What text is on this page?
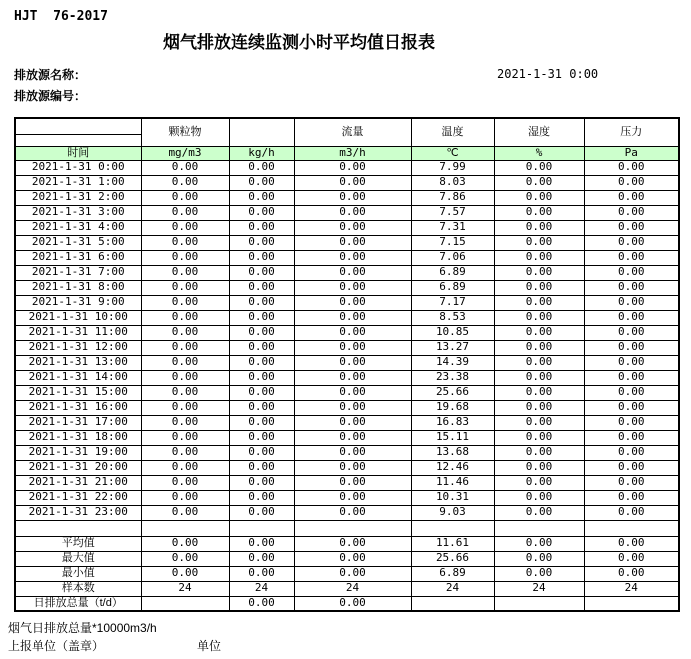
HJT  76-2017
烟气排放连续监测小时平均值日报表
排放源名称：
排放源编号：
2021-1-31 0:00
	颗粒物		流量	温度	湿度	压力

时间	mg/m3	kg/h	m3/h	℃	%	Pa
2021-1-31 0:00	0.00	0.00	0.00	7.99	0.00	0.00
2021-1-31 1:00	0.00	0.00	0.00	8.03	0.00	0.00
2021-1-31 2:00	0.00	0.00	0.00	7.86	0.00	0.00
2021-1-31 3:00	0.00	0.00	0.00	7.57	0.00	0.00
2021-1-31 4:00	0.00	0.00	0.00	7.31	0.00	0.00
2021-1-31 5:00	0.00	0.00	0.00	7.15	0.00	0.00
2021-1-31 6:00	0.00	0.00	0.00	7.06	0.00	0.00
2021-1-31 7:00	0.00	0.00	0.00	6.89	0.00	0.00
2021-1-31 8:00	0.00	0.00	0.00	6.89	0.00	0.00
2021-1-31 9:00	0.00	0.00	0.00	7.17	0.00	0.00
2021-1-31 10:00	0.00	0.00	0.00	8.53	0.00	0.00
2021-1-31 11:00	0.00	0.00	0.00	10.85	0.00	0.00
2021-1-31 12:00	0.00	0.00	0.00	13.27	0.00	0.00
2021-1-31 13:00	0.00	0.00	0.00	14.39	0.00	0.00
2021-1-31 14:00	0.00	0.00	0.00	23.38	0.00	0.00
2021-1-31 15:00	0.00	0.00	0.00	25.66	0.00	0.00
2021-1-31 16:00	0.00	0.00	0.00	19.68	0.00	0.00
2021-1-31 17:00	0.00	0.00	0.00	16.83	0.00	0.00
2021-1-31 18:00	0.00	0.00	0.00	15.11	0.00	0.00
2021-1-31 19:00	0.00	0.00	0.00	13.68	0.00	0.00
2021-1-31 20:00	0.00	0.00	0.00	12.46	0.00	0.00
2021-1-31 21:00	0.00	0.00	0.00	11.46	0.00	0.00
2021-1-31 22:00	0.00	0.00	0.00	10.31	0.00	0.00
2021-1-31 23:00	0.00	0.00	0.00	9.03	0.00	0.00

平均值	0.00	0.00	0.00	11.61	0.00	0.00
最大值	0.00	0.00	0.00	25.66	0.00	0.00
最小值	0.00	0.00	0.00	6.89	0.00	0.00
样本数	24	24	24	24	24	24
日排放总量（t/d）		0.00	0.00			
烟气日排放总量*10000m3/h
上报单位（盖章）	单位
